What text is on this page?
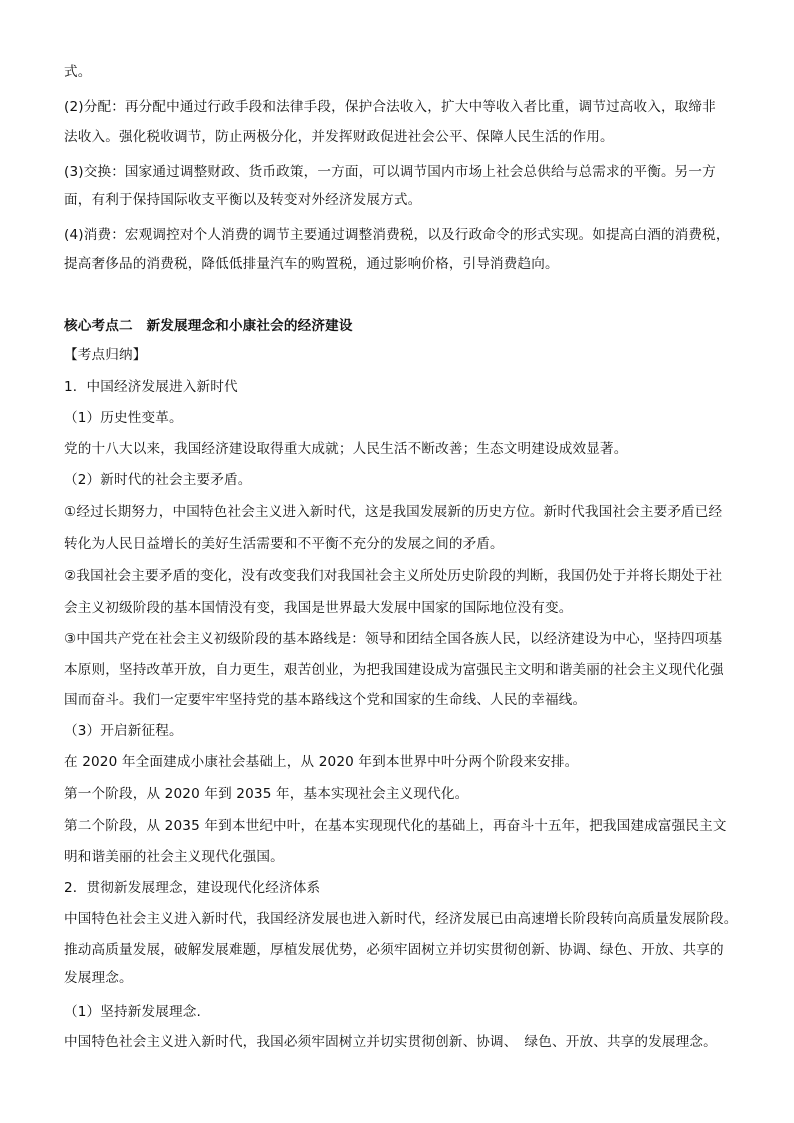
式。
(2)分配：再分配中通过行政手段和法律手段，保护合法收入，扩大中等收入者比重，调节过高收入，取缔非
法收入。强化税收调节，防止两极分化，并发挥财政促进社会公平、保障人民生活的作用。
(3)交换：国家通过调整财政、货币政策，一方面，可以调节国内市场上社会总供给与总需求的平衡。另一方
面，有利于保持国际收支平衡以及转变对外经济发展方式。
(4)消费：宏观调控对个人消费的调节主要通过调整消费税，以及行政命令的形式实现。如提高白酒的消费税，
提高奢侈品的消费税，降低低排量汽车的购置税，通过影响价格，引导消费趋向。
核心考点二　新发展理念和小康社会的经济建设
【考点归纳】
1．中国经济发展进入新时代
（1）历史性变革。
党的十八大以来，我国经济建设取得重大成就；人民生活不断改善；生态文明建设成效显著。
（2）新时代的社会主要矛盾。
①经过长期努力，中国特色社会主义进入新时代，这是我国发展新的历史方位。新时代我国社会主要矛盾已经
转化为人民日益增长的美好生活需要和不平衡不充分的发展之间的矛盾。
②我国社会主要矛盾的变化，没有改变我们对我国社会主义所处历史阶段的判断，我国仍处于并将长期处于社
会主义初级阶段的基本国情没有变，我国是世界最大发展中国家的国际地位没有变。
③中国共产党在社会主义初级阶段的基本路线是：领导和团结全国各族人民，以经济建设为中心，坚持四项基
本原则，坚持改革开放，自力更生，艰苦创业，为把我国建设成为富强民主文明和谐美丽的社会主义现代化强
国而奋斗。我们一定要牢牢坚持党的基本路线这个党和国家的生命线、人民的幸福线。
（3）开启新征程。
在 2020 年全面建成小康社会基础上，从 2020 年到本世界中叶分两个阶段来安排。
第一个阶段，从 2020 年到 2035 年，基本实现社会主义现代化。
第二个阶段，从 2035 年到本世纪中叶，在基本实现现代化的基础上，再奋斗十五年，把我国建成富强民主文
明和谐美丽的社会主义现代化强国。
2．贯彻新发展理念，建设现代化经济体系
中国特色社会主义进入新时代，我国经济发展也进入新时代，经济发展已由高速增长阶段转向高质量发展阶段。
推动高质量发展，破解发展难题，厚植发展优势，必须牢固树立并切实贯彻创新、协调、绿色、开放、共享的
发展理念。
（1）坚持新发展理念.
中国特色社会主义进入新时代，我国必须牢固树立并切实贯彻创新、协调、　绿色、开放、共享的发展理念。
